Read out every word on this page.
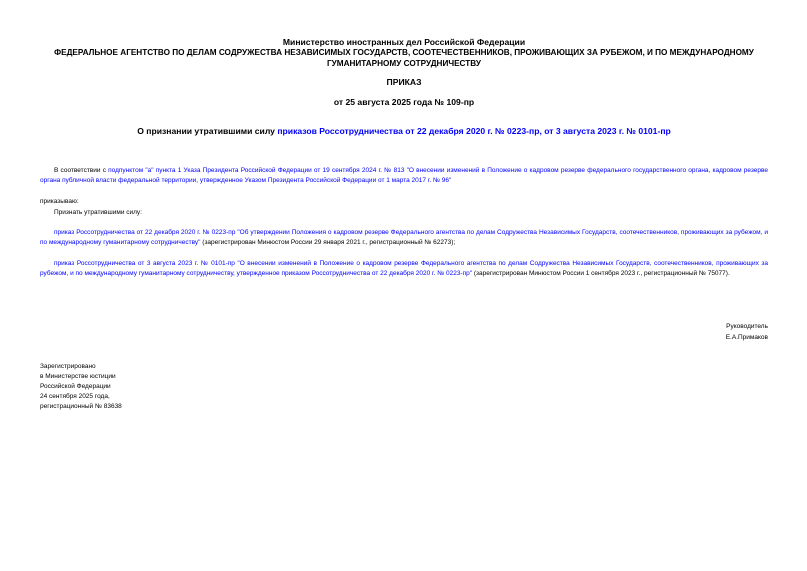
Министерство иностранных дел Российской Федерации
ФЕДЕРАЛЬНОЕ АГЕНТСТВО ПО ДЕЛАМ СОДРУЖЕСТВА НЕЗАВИСИМЫХ ГОСУДАРСТВ, СООТЕЧЕСТВЕННИКОВ, ПРОЖИВАЮЩИХ ЗА РУБЕЖОМ, И ПО МЕЖДУНАРОДНОМУ ГУМАНИТАРНОМУ СОТРУДНИЧЕСТВУ
ПРИКАЗ
от 25 августа 2025 года № 109-пр
О признании утратившими силу приказов Россотрудничества от 22 декабря 2020 г. № 0223-пр, от 3 августа 2023 г. № 0101-пр
В соответствии с подпунктом "а" пункта 1 Указа Президента Российской Федерации от 19 сентября 2024 г. № 813 "О внесении изменений в Положение о кадровом резерве федерального государственного органа, кадровом резерве органа публичной власти федеральной территории, утвержденное Указом Президента Российской Федерации от 1 марта 2017 г. № 96"
приказываю:
Признать утратившими силу:
приказ Россотрудничества от 22 декабря 2020 г. № 0223-пр "Об утверждении Положения о кадровом резерве Федерального агентства по делам Содружества Независимых Государств, соотечественников, проживающих за рубежом, и по международному гуманитарному сотрудничеству" (зарегистрирован Минюстом России 29 января 2021 г., регистрационный № 62273);
приказ Россотрудничества от 3 августа 2023 г. № 0101-пр "О внесении изменений в Положение о кадровом резерве Федерального агентства по делам Содружества Независимых Государств, соотечественников, проживающих за рубежом, и по международному гуманитарному сотрудничеству, утвержденное приказом Россотрудничества от 22 декабря 2020 г. № 0223-пр" (зарегистрирован Минюстом России 1 сентября 2023 г., регистрационный № 75077).
Руководитель
Е.А.Примаков
Зарегистрировано
в Министерстве юстиции
Российской Федерации
24 сентября 2025 года,
регистрационный № 83638
